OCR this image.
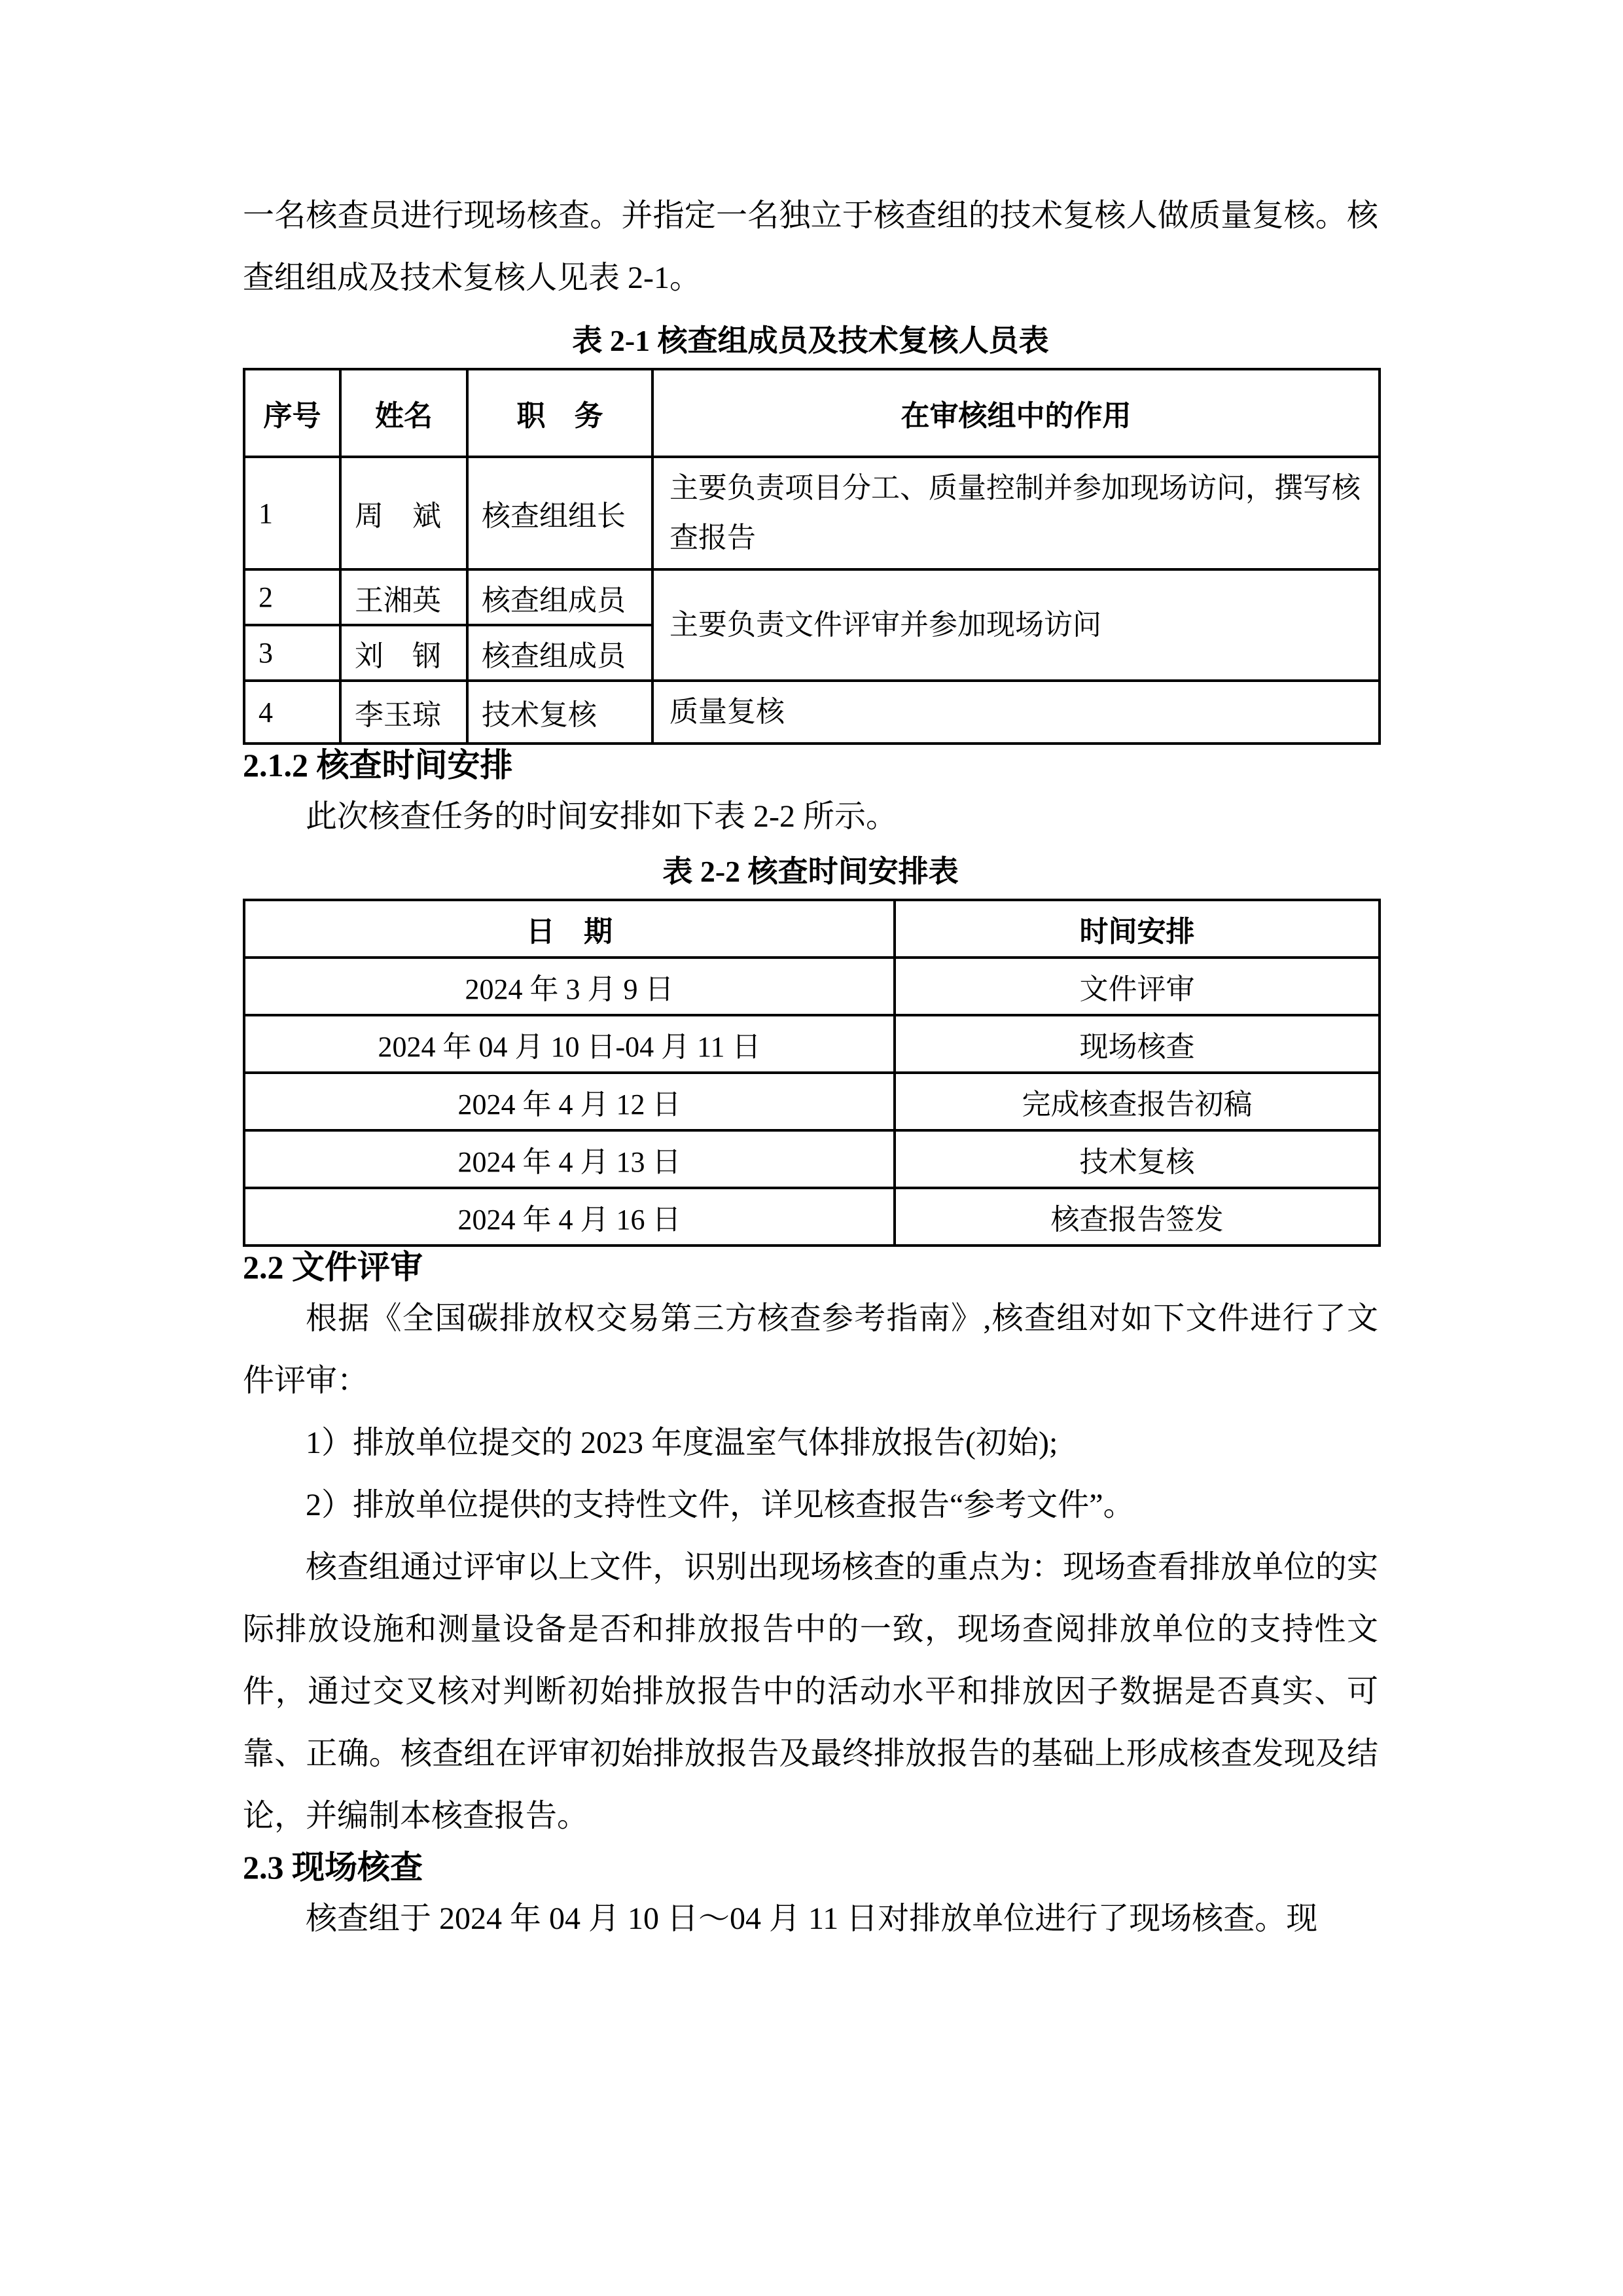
一名核查员进行现场核查。并指定一名独立于核查组的技术复核人做质量复核。核查组组成及技术复核人见表 2-1。

表 2-1 核查组成员及技术复核人员表
序号	姓名	职　务	在审核组中的作用
1	周　斌	核查组组长	主要负责项目分工、质量控制并参加现场访问，撰写核查报告
2	王湘英	核查组成员	主要负责文件评审并参加现场访问
3	刘　钢	核查组成员	
4	李玉琼	技术复核	质量复核
2.1.2 核查时间安排

此次核查任务的时间安排如下表 2-2 所示。

表 2-2 核查时间安排表
日　期	时间安排
2024 年 3 月 9 日	文件评审
2024 年 04 月 10 日-04 月 11 日	现场核查
2024 年 4 月 12 日	完成核查报告初稿
2024 年 4 月 13 日	技术复核
2024 年 4 月 16 日	核查报告签发
2.2 文件评审

根据《全国碳排放权交易第三方核查参考指南》,核查组对如下文件进行了文件评审：

1）排放单位提交的 2023 年度温室气体排放报告(初始);

2）排放单位提供的支持性文件，详见核查报告“参考文件”。

核查组通过评审以上文件，识别出现场核查的重点为：现场查看排放单位的实际排放设施和测量设备是否和排放报告中的一致，现场查阅排放单位的支持性文件，通过交叉核对判断初始排放报告中的活动水平和排放因子数据是否真实、可靠、正确。核查组在评审初始排放报告及最终排放报告的基础上形成核查发现及结论，并编制本核查报告。

2.3 现场核查

核查组于 2024 年 04 月 10 日～04 月 11 日对排放单位进行了现场核查。现
